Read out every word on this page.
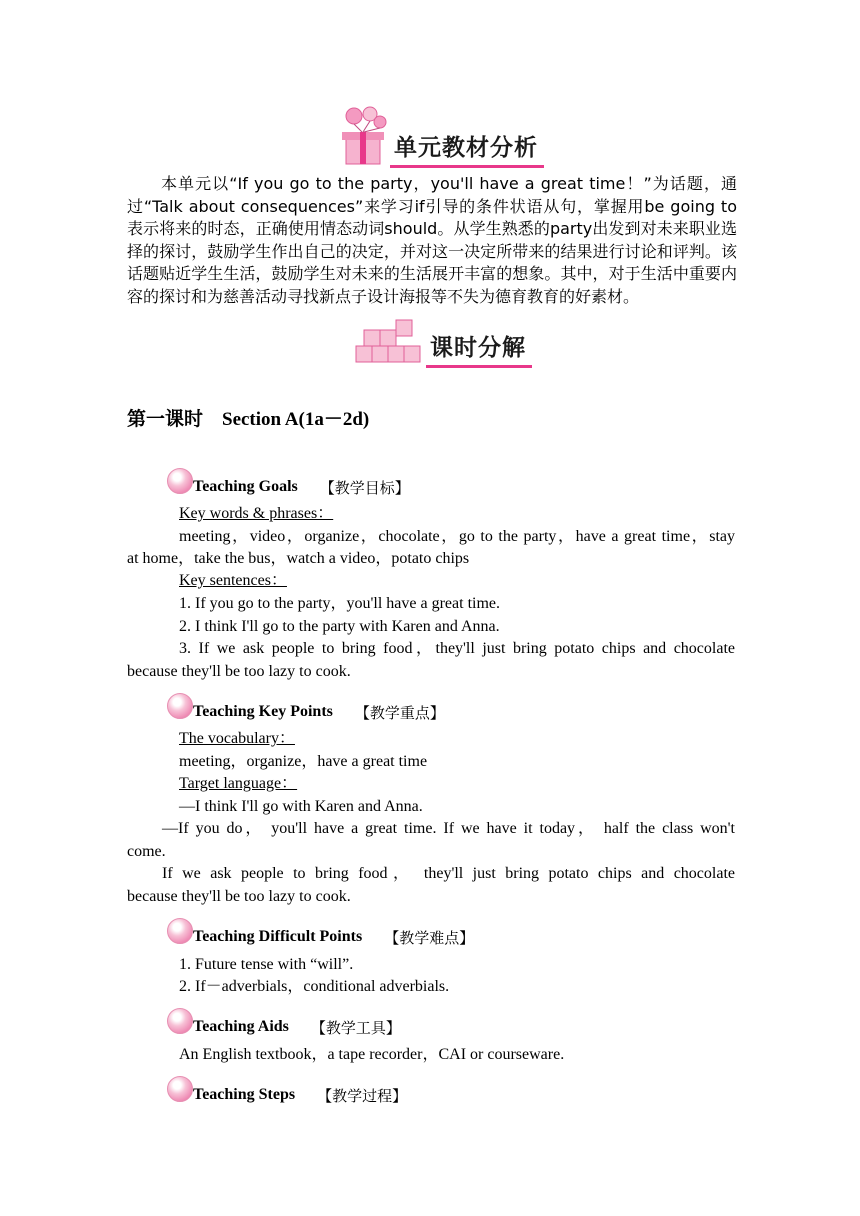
单元教材分析

本单元以“If you go to the party，you'll have a great time！”为话题，通过“Talk about consequences”来学习if引导的条件状语从句，掌握用be going to 表示将来的时态，正确使用情态动词should。从学生熟悉的party出发到对未来职业选择的探讨，鼓励学生作出自己的决定，并对这一决定所带来的结果进行讨论和评判。该话题贴近学生生活，鼓励学生对未来的生活展开丰富的想象。其中，对于生活中重要内容的探讨和为慈善活动寻找新点子设计海报等不失为德育教育的好素材。

课时分解
第一课时　Section A(1a－2d)
Teaching Goals 【教学目标】
Key words & phrases：
meeting，video，organize，chocolate，go to the party，have a great time，stay
at home，take the bus，watch a video，potato chips
Key sentences：
1. If you go to the party，you'll have a great time.
2. I think I'll go to the party with Karen and Anna.
3. If we ask people to bring food，they'll just bring potato chips and chocolate
because they'll be too lazy to cook.
Teaching Key Points 【教学重点】
The vocabulary：
meeting，organize，have a great time
Target language：
—I think I'll go with Karen and Anna.
—If you do， you'll have a great time. If we have it today， half the class won't
come.
If we ask people to bring food， they'll just bring potato chips and chocolate
because they'll be too lazy to cook.
Teaching Difficult Points 【教学难点】
1. Future tense with “will”.
2. If－adverbials，conditional adverbials.
Teaching Aids 【教学工具】
An English textbook，a tape recorder，CAI or courseware.
Teaching Steps 【教学过程】
